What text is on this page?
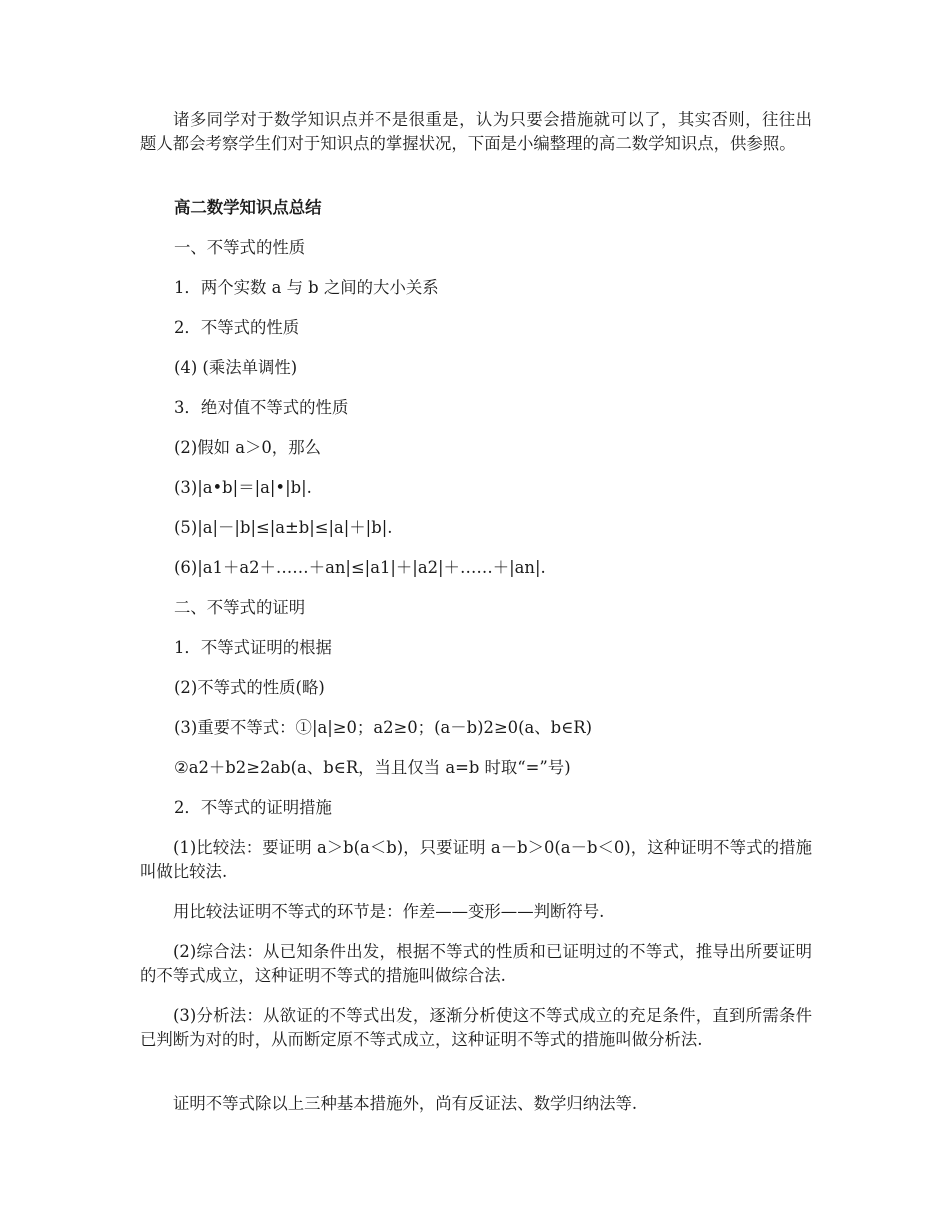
诸多同学对于数学知识点并不是很重是，认为只要会措施就可以了，其实否则，往往出题人都会考察学生们对于知识点的掌握状况，下面是小编整理的高二数学知识点，供参照。

高二数学知识点总结
一、不等式的性质
1．两个实数 a 与 b 之间的大小关系
2．不等式的性质
(4) (乘法单调性)
3．绝对值不等式的性质
(2)假如 a＞0，那么
(3)|a•b|＝|a|•|b|.
(5)|a|－|b|≤|a±b|≤|a|＋|b|.
(6)|a1＋a2＋……＋an|≤|a1|＋|a2|＋……＋|an|.
二、不等式的证明
1．不等式证明的根据
(2)不等式的性质(略)
(3)重要不等式：①|a|≥0；a2≥0；(a－b)2≥0(a、b∈R)
②a2＋b2≥2ab(a、b∈R，当且仅当 a=b 时取“=”号)
2．不等式的证明措施

(1)比较法：要证明 a＞b(a＜b)，只要证明 a－b＞0(a－b＜0)，这种证明不等式的措施叫做比较法.

用比较法证明不等式的环节是：作差——变形——判断符号.

(2)综合法：从已知条件出发，根据不等式的性质和已证明过的不等式，推导出所要证明的不等式成立，这种证明不等式的措施叫做综合法.

(3)分析法：从欲证的不等式出发，逐渐分析使这不等式成立的充足条件，直到所需条件已判断为对的时，从而断定原不等式成立，这种证明不等式的措施叫做分析法.

证明不等式除以上三种基本措施外，尚有反证法、数学归纳法等.
